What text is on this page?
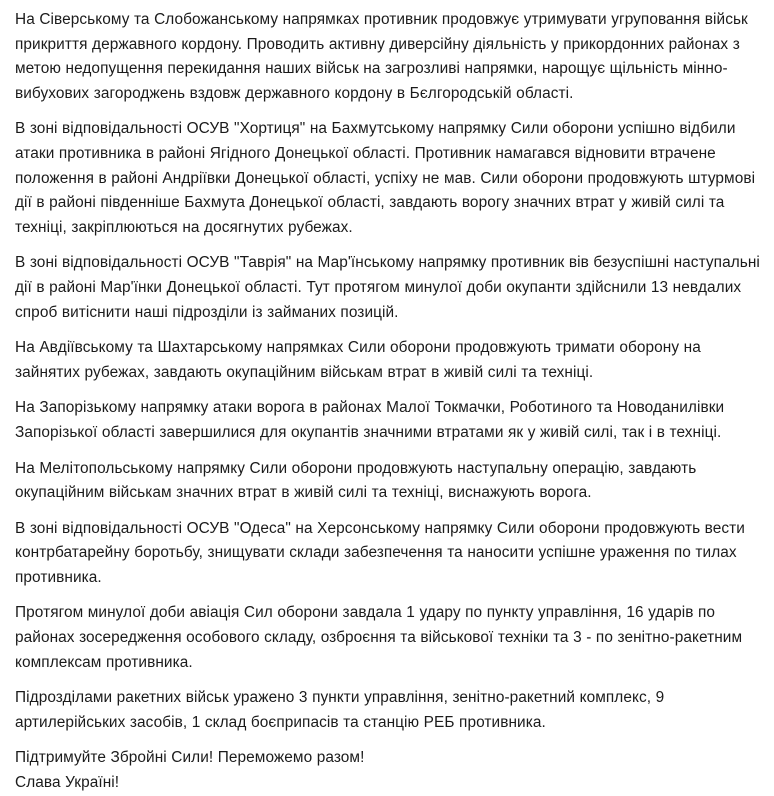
На Сіверському та Слобожанському напрямках противник продовжує утримувати угруповання військ прикриття державного кордону. Проводить активну диверсійну діяльність у прикордонних районах з метою недопущення перекидання наших військ на загрозливі напрямки, нарощує щільність мінно-вибухових загороджень вздовж державного кордону в Бєлгородській області.

В зоні відповідальності ОСУВ "Хортиця" на Бахмутському напрямку Сили оборони успішно відбили атаки противника в районі Ягідного Донецької області. Противник намагався відновити втрачене положення в районі Андріївки Донецької області, успіху не мав. Сили оборони продовжують штурмові дії в районі південніше Бахмута Донецької області, завдають ворогу значних втрат у живій силі та техніці, закріплюються на досягнутих рубежах.

В зоні відповідальності ОСУВ "Таврія" на Мар'їнському напрямку противник вів безуспішні наступальні дії в районі Мар'їнки Донецької області. Тут протягом минулої доби окупанти здійснили 13 невдалих спроб витіснити наші підрозділи із займаних позицій.

На Авдіївському та Шахтарському напрямках Сили оборони продовжують тримати оборону на зайнятих рубежах, завдають окупаційним військам втрат в живій силі та техніці.

На Запорізькому напрямку атаки ворога в районах Малої Токмачки, Роботиного та Новоданилівки Запорізької області завершилися для окупантів значними втратами як у живій силі, так і в техніці.

На Мелітопольському напрямку Сили оборони продовжують наступальну операцію, завдають окупаційним військам значних втрат в живій силі та техніці, виснажують ворога.

В зоні відповідальності ОСУВ "Одеса" на Херсонському напрямку Сили оборони продовжують вести контрбатарейну боротьбу, знищувати склади забезпечення та наносити успішне ураження по тилах противника.

Протягом минулої доби авіація Сил оборони завдала 1 удару по пункту управління, 16 ударів по районах зосередження особового складу, озброєння та військової техніки та 3 - по зенітно-ракетним комплексам противника.

Підрозділами ракетних військ уражено 3 пункти управління, зенітно-ракетний комплекс, 9 артилерійських засобів, 1 склад боєприпасів та станцію РЕБ противника.

Підтримуйте Збройні Сили! Переможемо разом!
Слава Україні!
